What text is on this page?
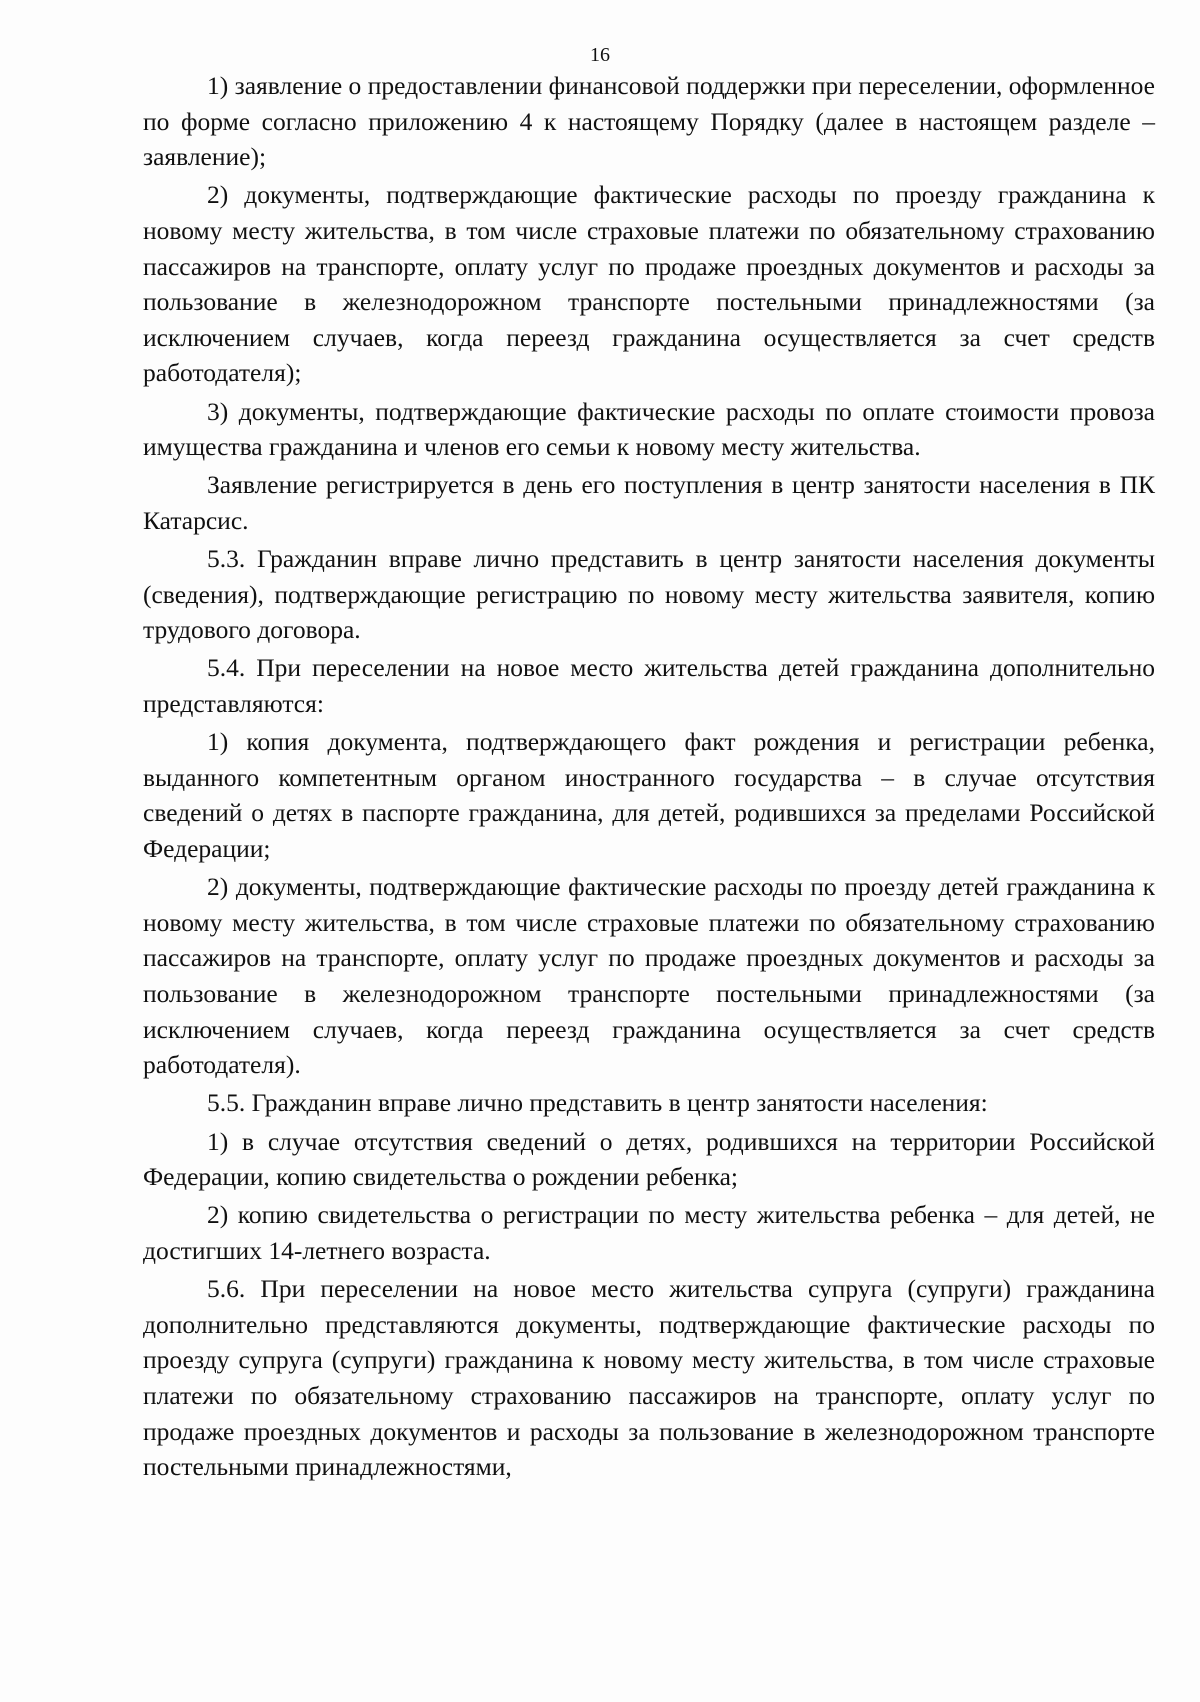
16

1) заявление о предоставлении финансовой поддержки при переселении, оформленное по форме согласно приложению 4 к настоящему Порядку (далее в настоящем разделе – заявление);

2) документы, подтверждающие фактические расходы по проезду гражданина к новому месту жительства, в том числе страховые платежи по обязательному страхованию пассажиров на транспорте, оплату услуг по продаже проездных документов и расходы за пользование в железнодорожном транспорте постельными принадлежностями (за исключением случаев, когда переезд гражданина осуществляется за счет средств работодателя);

3) документы, подтверждающие фактические расходы по оплате стоимости провоза имущества гражданина и членов его семьи к новому месту жительства.

Заявление регистрируется в день его поступления в центр занятости населения в ПК Катарсис.

5.3. Гражданин вправе лично представить в центр занятости населения документы (сведения), подтверждающие регистрацию по новому месту жительства заявителя, копию трудового договора.

5.4. При переселении на новое место жительства детей гражданина дополнительно представляются:

1) копия документа, подтверждающего факт рождения и регистрации ребенка, выданного компетентным органом иностранного государства – в случае отсутствия сведений о детях в паспорте гражданина, для детей, родившихся за пределами Российской Федерации;

2) документы, подтверждающие фактические расходы по проезду детей гражданина к новому месту жительства, в том числе страховые платежи по обязательному страхованию пассажиров на транспорте, оплату услуг по продаже проездных документов и расходы за пользование в железнодорожном транспорте постельными принадлежностями (за исключением случаев, когда переезд гражданина осуществляется за счет средств работодателя).

5.5. Гражданин вправе лично представить в центр занятости населения:

1) в случае отсутствия сведений о детях, родившихся на территории Российской Федерации, копию свидетельства о рождении ребенка;

2) копию свидетельства о регистрации по месту жительства ребенка – для детей, не достигших 14-летнего возраста.

5.6. При переселении на новое место жительства супруга (супруги) гражданина дополнительно представляются документы, подтверждающие фактические расходы по проезду супруга (супруги) гражданина к новому месту жительства, в том числе страховые платежи по обязательному страхованию пассажиров на транспорте, оплату услуг по продаже проездных документов и расходы за пользование в железнодорожном транспорте постельными принадлежностями,
